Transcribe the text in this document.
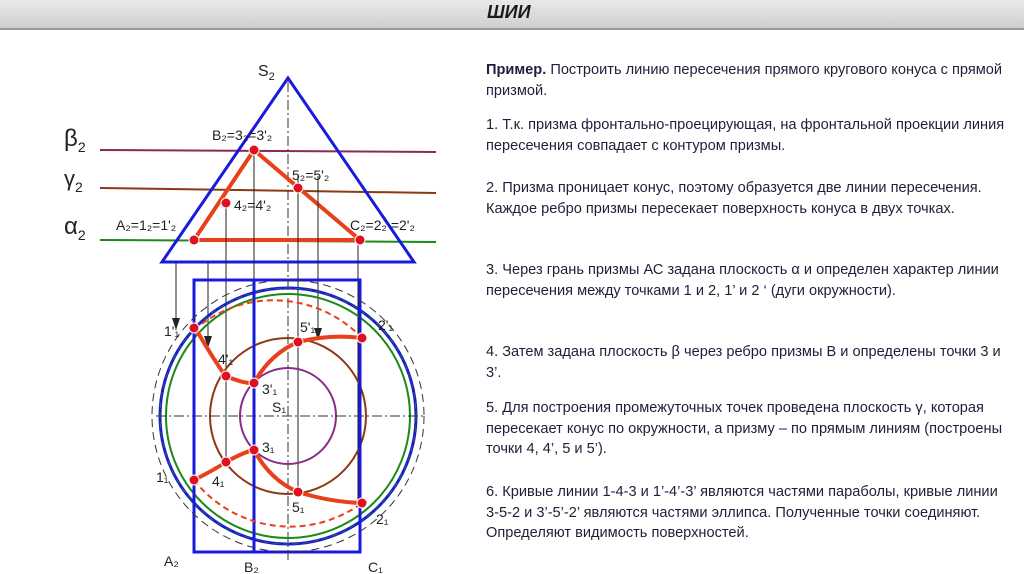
ШИИ
$\beta_2$
$\gamma_2$
$\alpha_2$
$S_2$
B₂=3₂=3'₂
5₂=5'₂
4₂=4'₂
A₂=1₂=1'₂	C₂=2₂ =2'₂
1'₁
4'₁
5'₁	2'₁
3'₁
S₁
3₁
1₁	4₁
5₁
2₁
A₂	B₂	C₁
Пример. Построить линию пересечения прямого кругового конуса с прямой призмой.
1. Т.к. призма фронтально-проецирующая, на фронтальной проекции линия пересечения совпадает с контуром призмы.
2. Призма проницает конус, поэтому образуется две линии пересечения. Каждое ребро призмы пересекает поверхность конуса в двух точках.
3. Через грань призмы АС задана плоскость α и определен характер линии пересечения между точками 1 и 2, 1’ и 2 ‘ (дуги окружности).
4. Затем задана плоскость β через ребро призмы В и определены точки 3 и 3’.
5. Для построения промежуточных точек проведена плоскость γ, которая пересекает конус по окружности, а призму – по прямым линиям (построены точки 4, 4’, 5 и 5’).
6. Кривые линии 1-4-3 и 1’-4’-3’ являются частями параболы, кривые линии 3-5-2 и 3’-5’-2’ являются частями эллипса. Полученные точки соединяют. Определяют видимость поверхностей.
